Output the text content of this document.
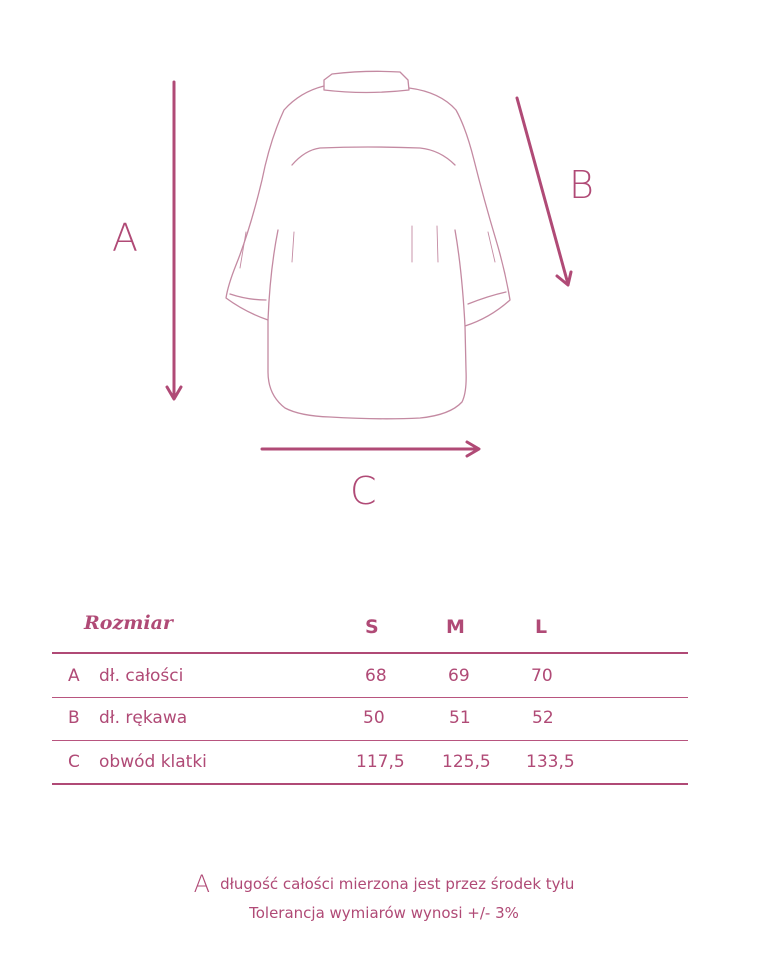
A
B
C
Rozmiar	S	M	L
A dł. całości	68	69	70
B dł. rękawa	50	51	52
C obwód klatki	117,5 125,5 133,5
Adługość całości mierzona jest przez środek tyłu
Tolerancja wymiarów wynosi +/- 3%
